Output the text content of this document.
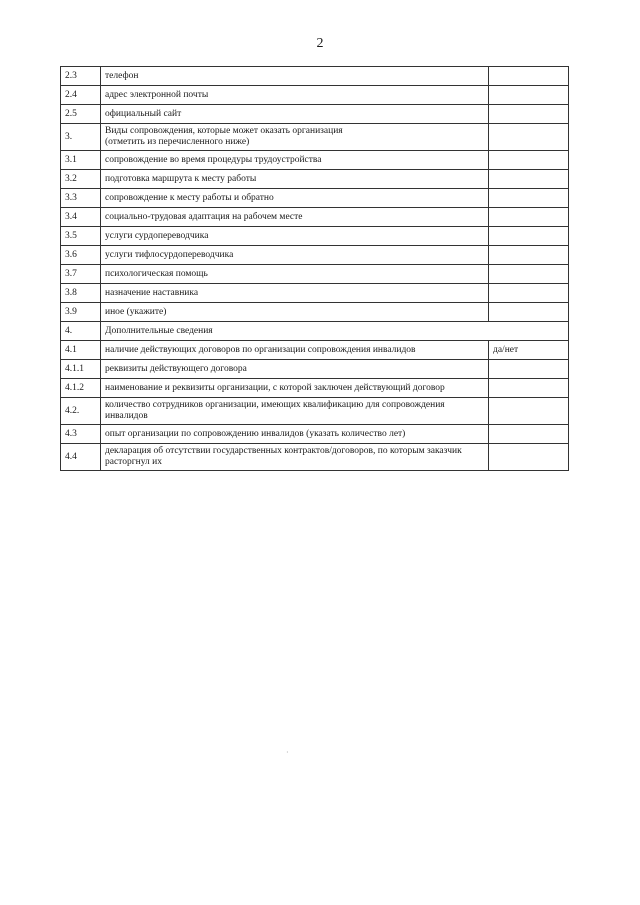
2
2.3	телефон	
2.4	адрес электронной почты	
2.5	официальный сайт	
3.	Виды сопровождения, которые может оказать организация
(отметить из перечисленного ниже)	
3.1	сопровождение во время процедуры трудоустройства	
3.2	подготовка маршрута к месту работы	
3.3	сопровождение к месту работы и обратно	
3.4	социально-трудовая адаптация на рабочем месте	
3.5	услуги сурдопереводчика	
3.6	услуги тифлосурдопереводчика	
3.7	психологическая помощь	
3.8	назначение наставника	
3.9	иное (укажите)	
4.	Дополнительные сведения	
4.1	наличие действующих договоров по организации сопровождения инвалидов	да/нет
4.1.1	реквизиты действующего договора	
4.1.2	наименование и реквизиты организации, с которой заключен действующий договор	
4.2.	количество сотрудников организации, имеющих квалификацию для сопровождения инвалидов	
4.3	опыт организации по сопровождению инвалидов (указать количество лет)	
4.4	декларация об отсутствии государственных контрактов/договоров, по которым заказчик расторгнул их	
·
